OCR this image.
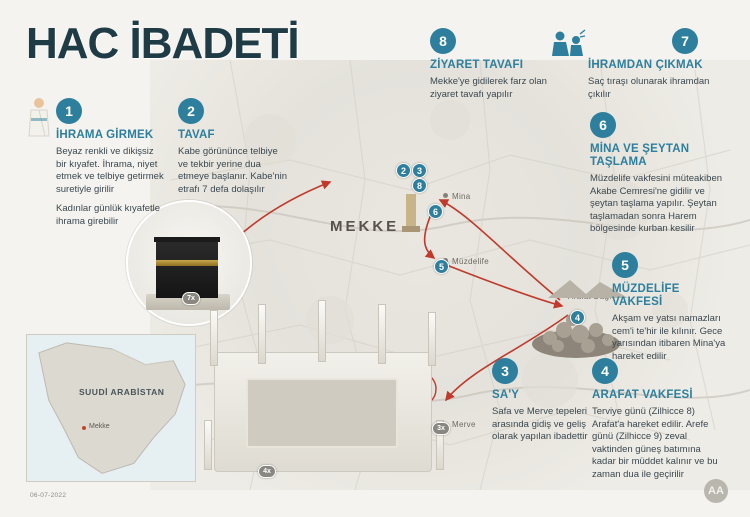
MEKKE
Mina
Müzdelife
Merve
HAC İBADETİ
2	3
8
6
5
4
7x
3x
4x
1
İHRAMA GİRMEK

Beyaz renkli ve dikişsiz bir kıyafet. İhrama, niyet etmek ve telbiye getirmek suretiyle girilir

Kadınlar günlük kıyafetle ihrama girebilir

2
TAVAF

Kabe görününce telbiye ve tekbir yerine dua etmeye başlanır. Kabe'nin etrafı 7 defa dolaşılır

3
SA'Y

Safa ve Merve tepeleri arasında gidiş ve geliş olarak yapılan ibadettir

4
ARAFAT VAKFESİ

Terviye günü (Zilhicce 8) Arafat'a hareket edilir. Arefe günü (Zilhicce 9) zeval vaktinden güneş batımına kadar bir müddet kalınır ve bu zaman dua ile geçirilir

5
MÜZDELİFE VAKFESİ

Akşam ve yatsı namazları cem'i te'hir ile kılınır. Gece yarısından itibaren Mina'ya hareket edilir

6
MİNA VE ŞEYTAN TAŞLAMA

Müzdelife vakfesini müteakiben Akabe Cemresi'ne gidilir ve şeytan taşlama yapılır. Şeytan taşlamadan sonra Harem bölgesinde kurban kesilir

7
İHRAMDAN ÇIKMAK

Saç tıraşı olunarak ihramdan çıkılır

8
ZİYARET TAVAFI

Mekke'ye gidilerek farz olan ziyaret tavafı yapılır

SUUDİ ARABİSTAN
Mekke
06-07-2022	AA
